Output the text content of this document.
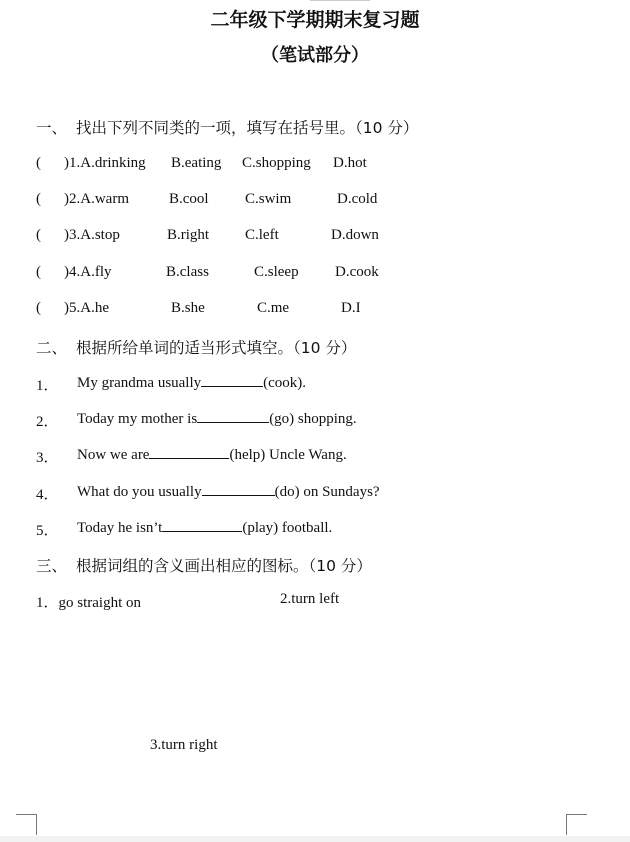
二年级下学期期末复习题
（笔试部分）
一、 找出下列不同类的一项，填写在括号里。（10 分）
( )1.A.drinking B.eating C.shopping D.hot
( )2.A.warm	B.cool C.swim	D.cold
( )3.A.stop	B.right C.left	D.down
( )4.A.fly	B.class	C.sleep D.cook
( )5.A.he	B.she	C.me	D.I
二、 根据所给单词的适当形式填空。（10 分）
1． My grandma usually	(cook).
2． Today my mother is	(go) shopping.
3． Now we are	(help) Uncle Wang.
4． What do you usually	(do) on Sundays?
5． Today he isn’t	(play) football.
三、 根据词组的含义画出相应的图标。（10 分）
1．go straight on	2.turn left
3.turn right
